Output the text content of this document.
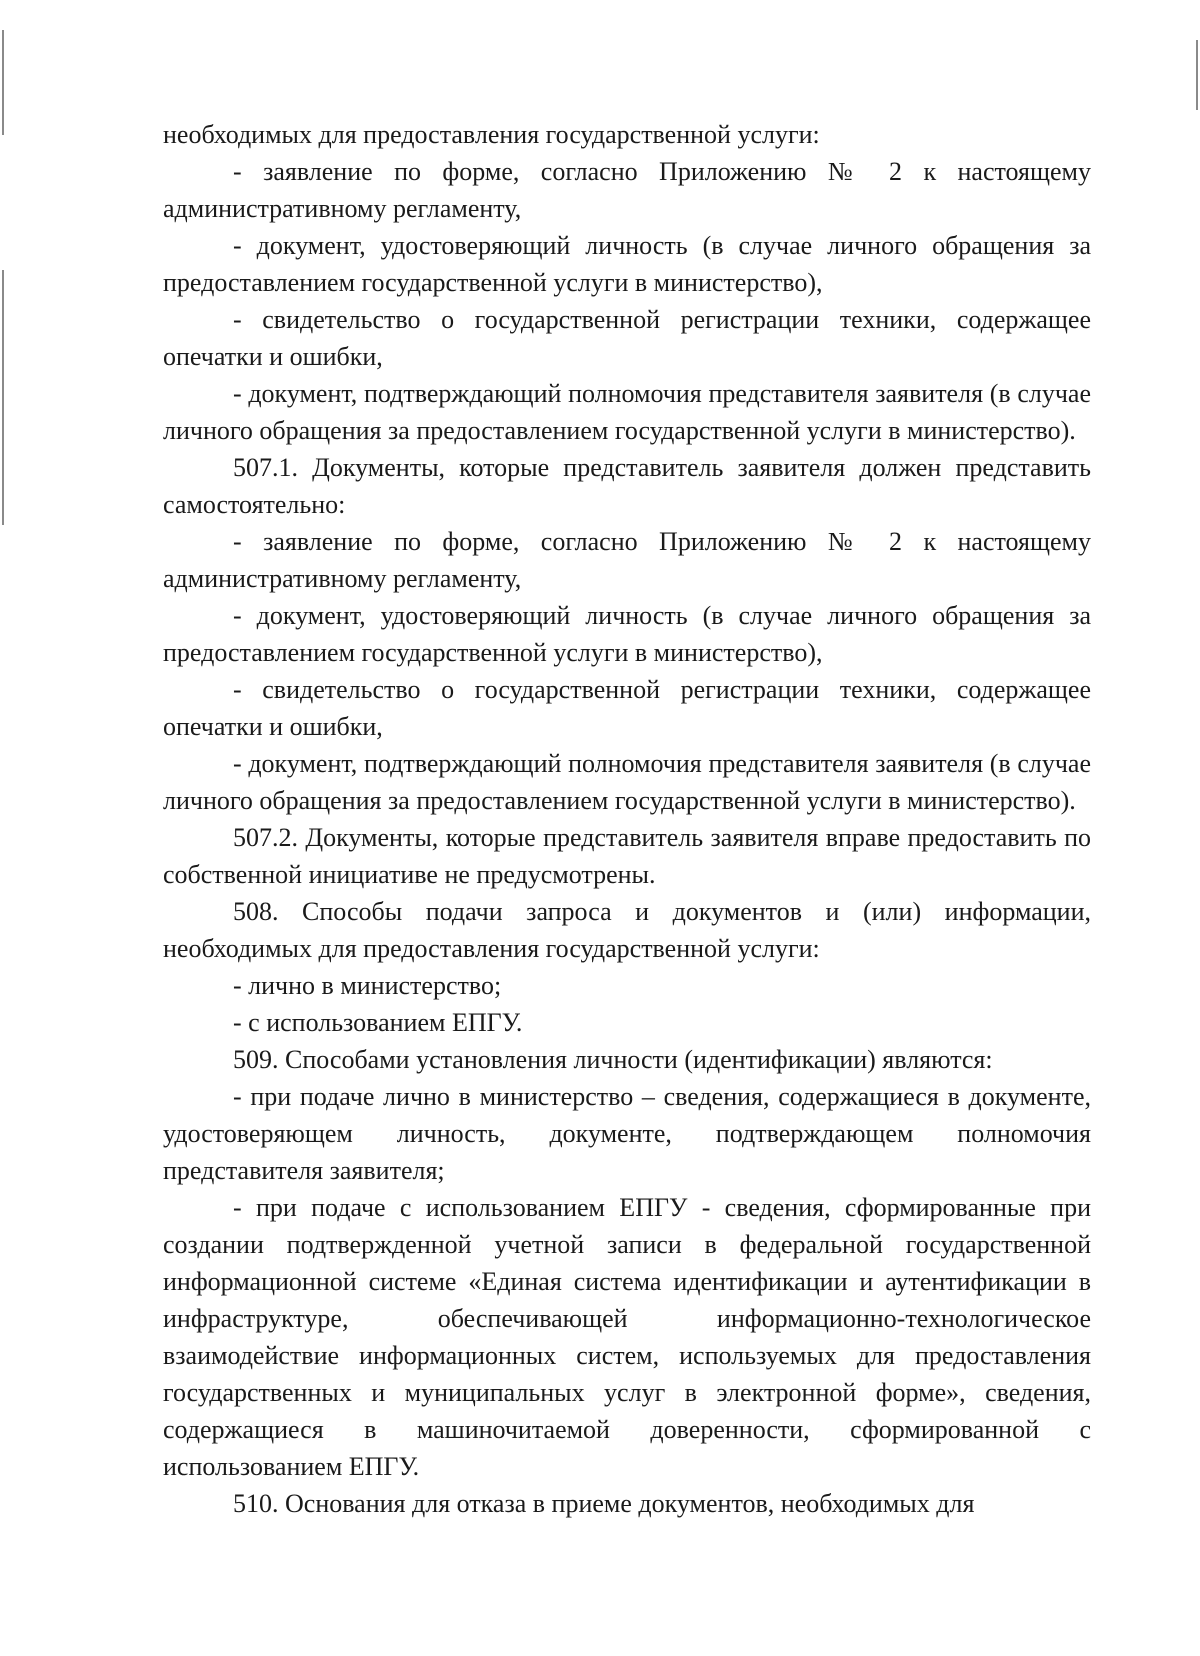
необходимых для предоставления государственной услуги:

- заявление по форме, согласно Приложению № 2 к настоящему административному регламенту,

- документ, удостоверяющий личность (в случае личного обращения за предоставлением государственной услуги в министерство),

- свидетельство о государственной регистрации техники, содержащее опечатки и ошибки,

- документ, подтверждающий полномочия представителя заявителя (в случае личного обращения за предоставлением государственной услуги в министерство).

507.1. Документы, которые представитель заявителя должен представить самостоятельно:

- заявление по форме, согласно Приложению № 2 к настоящему административному регламенту,

- документ, удостоверяющий личность (в случае личного обращения за предоставлением государственной услуги в министерство),

- свидетельство о государственной регистрации техники, содержащее опечатки и ошибки,

- документ, подтверждающий полномочия представителя заявителя (в случае личного обращения за предоставлением государственной услуги в министерство).

507.2. Документы, которые представитель заявителя вправе предоставить по собственной инициативе не предусмотрены.

508. Способы подачи запроса и документов и (или) информации, необходимых для предоставления государственной услуги:

- лично в министерство;

- с использованием ЕПГУ.

509. Способами установления личности (идентификации) являются:

- при подаче лично в министерство – сведения, содержащиеся в документе, удостоверяющем личность, документе, подтверждающем полномочия представителя заявителя;

- при подаче с использованием ЕПГУ - сведения, сформированные при создании подтвержденной учетной записи в федеральной государственной информационной системе «Единая система идентификации и аутентификации в инфраструктуре, обеспечивающей информационно-технологическое взаимодействие информационных систем, используемых для предоставления государственных и муниципальных услуг в электронной форме», сведения, содержащиеся в машиночитаемой доверенности, сформированной с использованием ЕПГУ.

510. Основания для отказа в приеме документов, необходимых для
